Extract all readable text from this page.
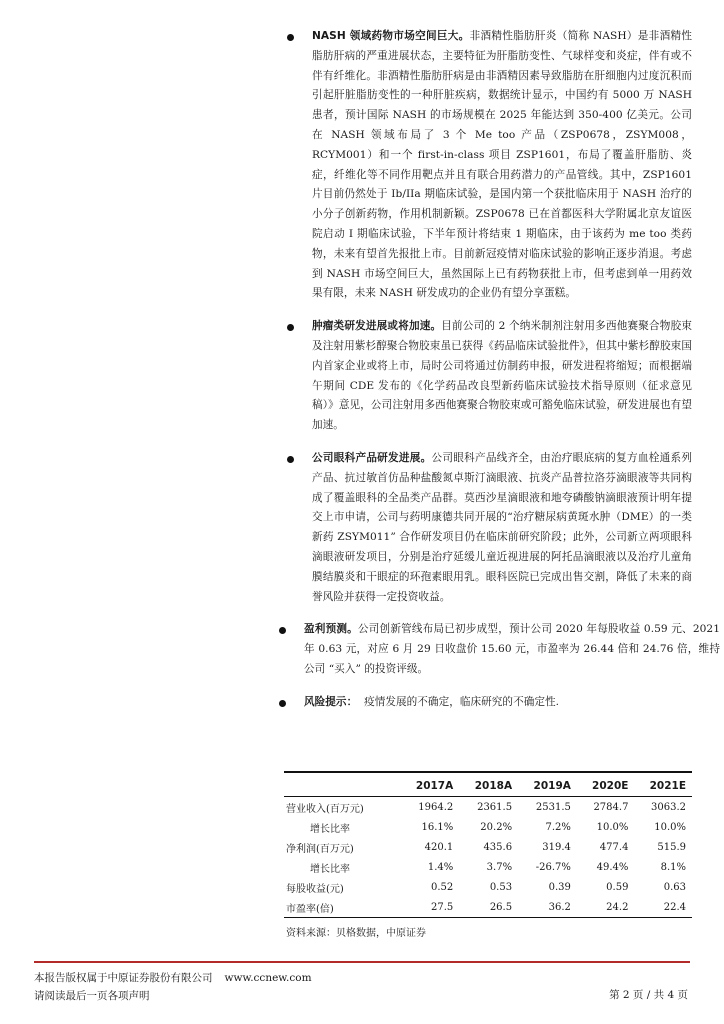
NASH 领域药物市场空间巨大。非酒精性脂肪肝炎（简称 NASH）是非酒精性脂肪肝病的严重进展状态，主要特征为肝脂肪变性、气球样变和炎症，伴有或不伴有纤维化。非酒精性脂肪肝病是由非酒精因素导致脂肪在肝细胞内过度沉积而引起肝脏脂肪变性的一种肝脏疾病，数据统计显示，中国约有 5000 万 NASH 患者，预计国际 NASH 的市场规模在 2025 年能达到 350-400 亿美元。公司在 NASH 领域布局了 3 个 Me too 产品（ZSP0678，ZSYM008，RCYM001）和一个 first-in-class 项目 ZSP1601，布局了覆盖肝脂肪、炎症，纤维化等不同作用靶点并且有联合用药潜力的产品管线。其中，ZSP1601 片目前仍然处于 Ib/IIa 期临床试验，是国内第一个获批临床用于 NASH 治疗的小分子创新药物，作用机制新颖。ZSP0678 已在首都医科大学附属北京友谊医院启动 I 期临床试验，下半年预计将结束 1 期临床，由于该药为 me too 类药物，未来有望首先报批上市。目前新冠疫情对临床试验的影响正逐步消退。考虑到 NASH 市场空间巨大，虽然国际上已有药物获批上市，但考虑到单一用药效果有限，未来 NASH 研发成功的企业仍有望分享蛋糕。
肿瘤类研发进展或将加速。目前公司的 2 个纳米制剂注射用多西他赛聚合物胶束及注射用紫杉醇聚合物胶束虽已获得《药品临床试验批件》，但其中紫杉醇胶束国内首家企业或将上市，局时公司将通过仿制药申报，研发进程将缩短；而根据端午期间 CDE 发布的《化学药品改良型新药临床试验技术指导原则（征求意见稿）》意见，公司注射用多西他赛聚合物胶束或可豁免临床试验，研发进展也有望加速。
公司眼科产品研发进展。公司眼科产品线齐全，由治疗眼底病的复方血栓通系列产品、抗过敏首仿品种盐酸氮卓斯汀滴眼液、抗炎产品普拉洛芬滴眼液等共同构成了覆盖眼科的全品类产品群。莫西沙星滴眼液和地夸磷酸钠滴眼液预计明年提交上市申请，公司与药明康德共同开展的“治疗糖尿病黄斑水肿（DME）的一类新药 ZSYM011” 合作研发项目仍在临床前研究阶段；此外，公司新立两项眼科滴眼液研发项目，分别是治疗延缓儿童近视进展的阿托品滴眼液以及治疗儿童角膜结膜炎和干眼症的环孢素眼用乳。眼科医院已完成出售交割，降低了未来的商誉风险并获得一定投资收益。
盈利预测。公司创新管线布局已初步成型，预计公司 2020 年每股收益 0.59 元、2021 年 0.63 元，对应 6 月 29 日收盘价 15.60 元，市盈率为 26.44 倍和 24.76 倍，维持公司 “买入” 的投资评级。
风险提示： 疫情发展的不确定，临床研究的不确定性.
	2017A	2018A	2019A	2020E	2021E
营业收入(百万元)	1964.2	2361.5	2531.5	2784.7	3063.2
增长比率	16.1%	20.2%	7.2%	10.0%	10.0%
净利润(百万元)	420.1	435.6	319.4	477.4	515.9
增长比率	1.4%	3.7%	-26.7%	49.4%	8.1%
每股收益(元)	0.52	0.53	0.39	0.59	0.63
市盈率(倍)	27.5	26.5	36.2	24.2	22.4
资料来源：贝格数据，中原证券
本报告版权属于中原证券股份有限公司 www.ccnew.com
请阅读最后一页各项声明	第 2 页 / 共 4 页
